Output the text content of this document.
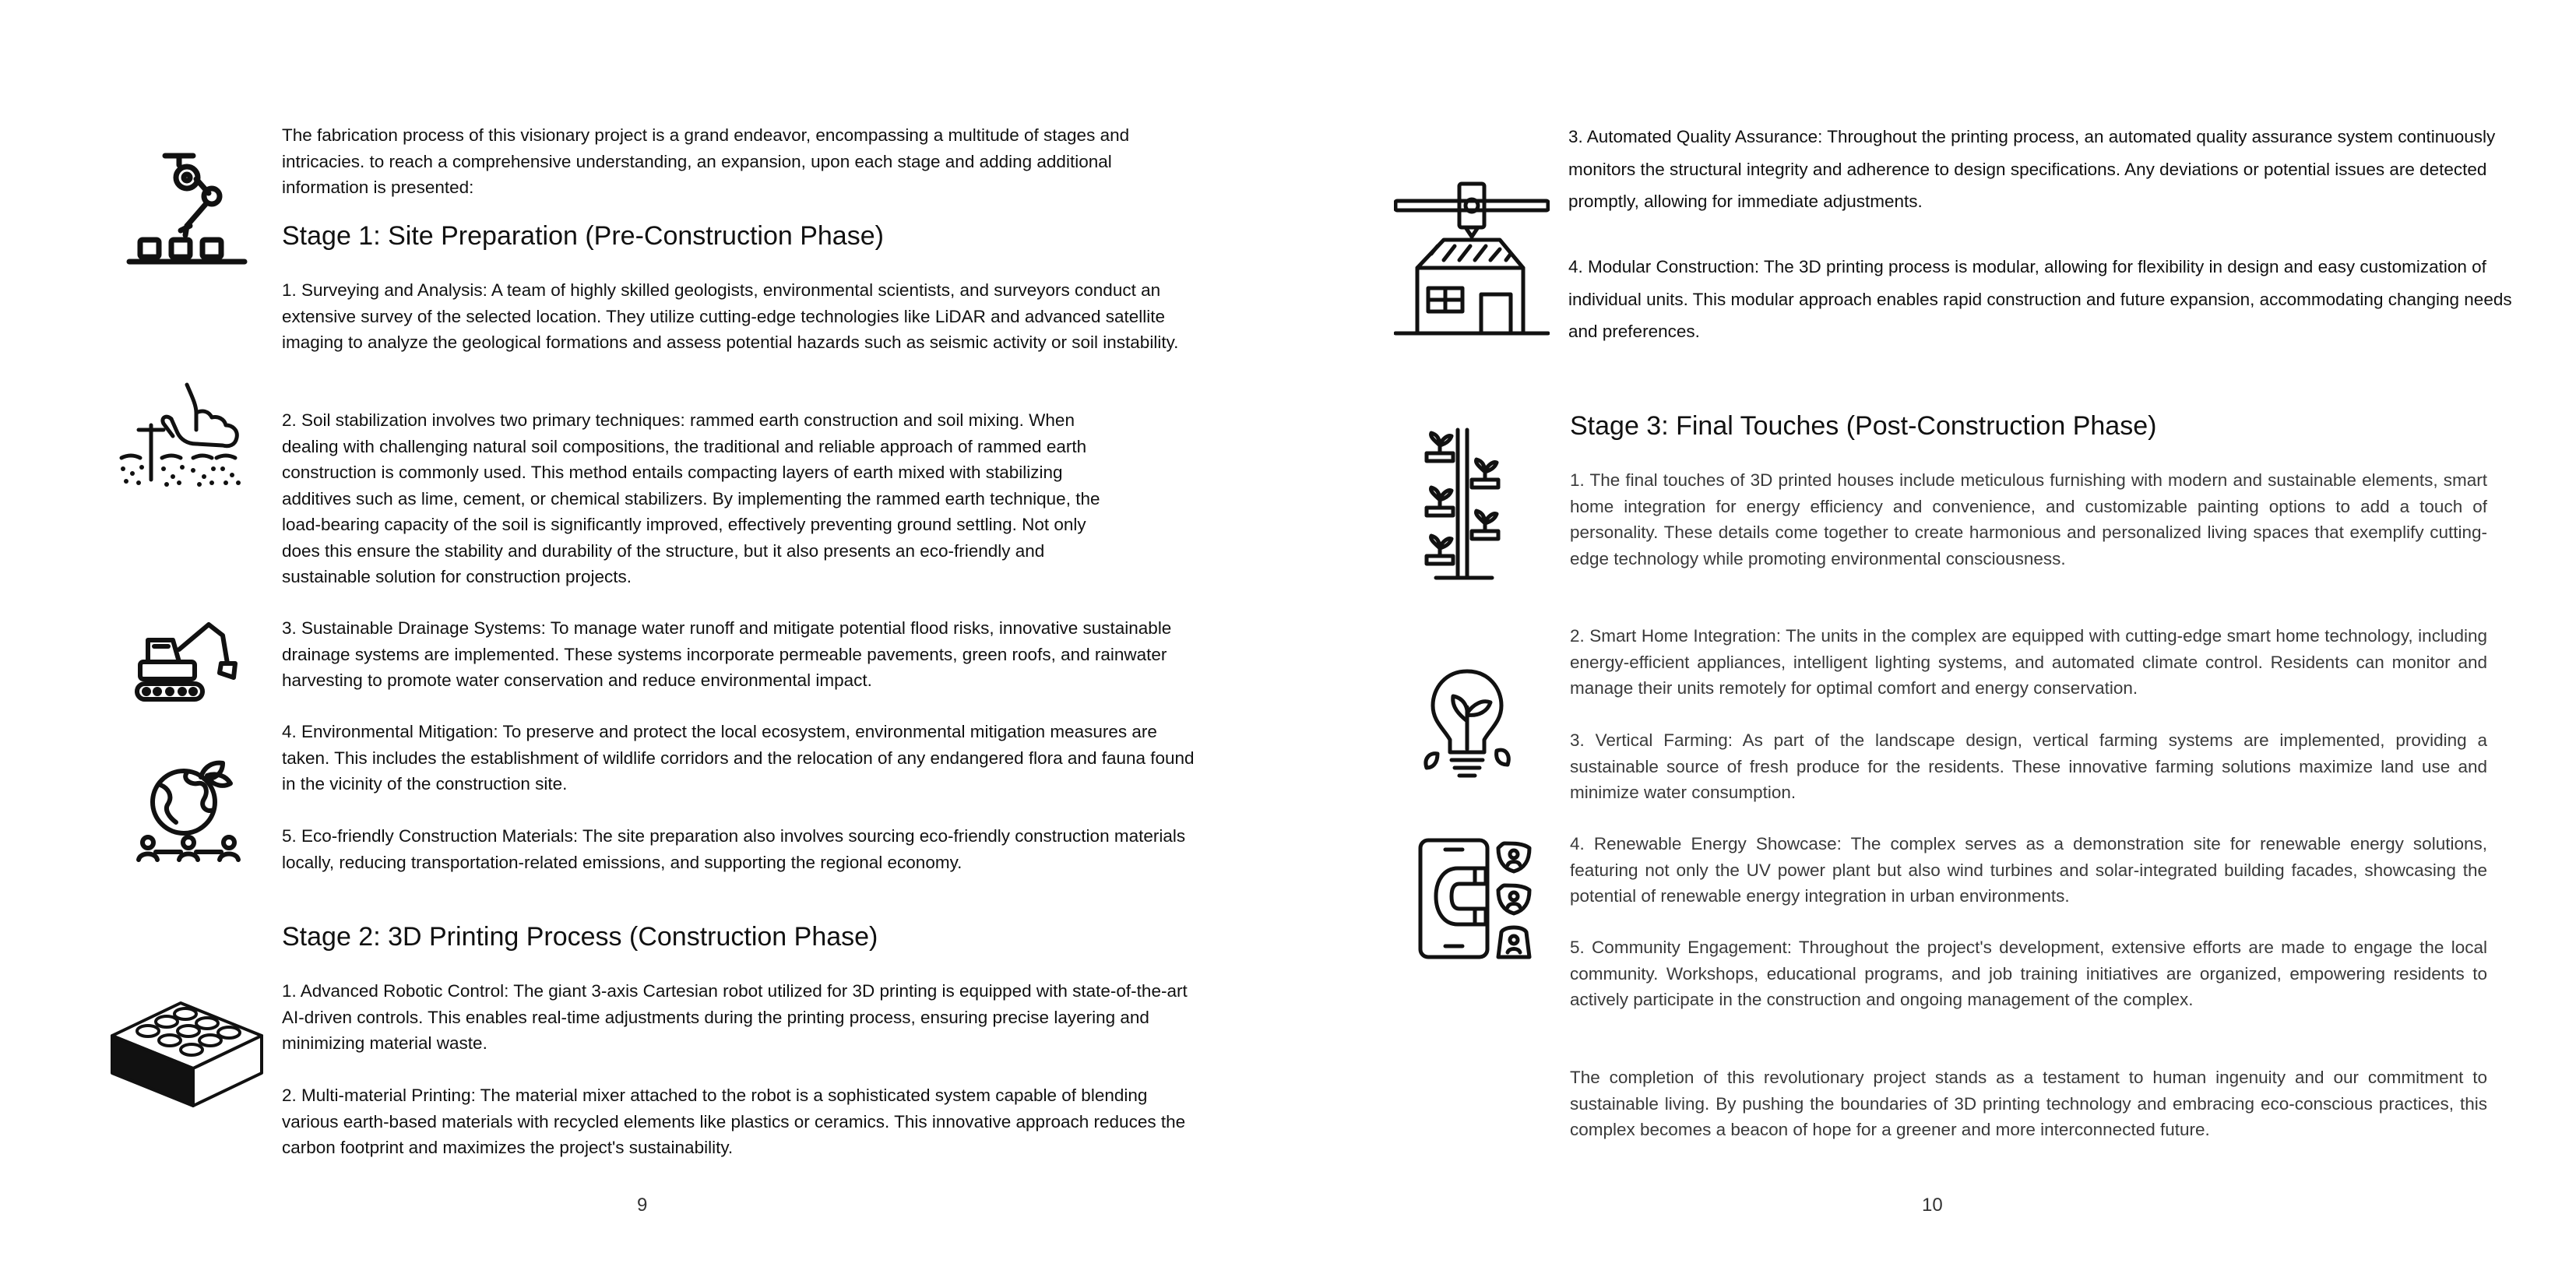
The fabrication process of this visionary project is a grand endeavor, encompassing a multitude of stages and intricacies. to reach a comprehensive understanding, an expansion, upon each stage and adding additional information is presented:

Stage 1: Site Preparation (Pre-Construction Phase)

1. Surveying and Analysis: A team of highly skilled geologists, environmental scientists, and surveyors conduct an extensive survey of the selected location. They utilize cutting-edge technologies like LiDAR and advanced satellite imaging to analyze the geological formations and assess potential hazards such as seismic activity or soil instability.

2. Soil stabilization involves two primary techniques: rammed earth construction and soil mixing. When dealing with challenging natural soil compositions, the traditional and reliable approach of rammed earth construction is commonly used. This method entails compacting layers of earth mixed with stabilizing additives such as lime, cement, or chemical stabilizers. By implementing the rammed earth technique, the load-bearing capacity of the soil is significantly improved, effectively preventing ground settling. Not only does this ensure the stability and durability of the structure, but it also presents an eco-friendly and sustainable solution for construction projects.

3. Sustainable Drainage Systems: To manage water runoff and mitigate potential flood risks, innovative sustainable drainage systems are implemented. These systems incorporate permeable pavements, green roofs, and rainwater harvesting to promote water conservation and reduce environmental impact.

4. Environmental Mitigation: To preserve and protect the local ecosystem, environmental mitigation measures are taken. This includes the establishment of wildlife corridors and the relocation of any endangered flora and fauna found in the vicinity of the construction site.

5. Eco-friendly Construction Materials: The site preparation also involves sourcing eco-friendly construction materials locally, reducing transportation-related emissions, and supporting the regional economy.

Stage 2: 3D Printing Process (Construction Phase)

1. Advanced Robotic Control: The giant 3-axis Cartesian robot utilized for 3D printing is equipped with state-of-the-art AI-driven controls. This enables real-time adjustments during the printing process, ensuring precise layering and minimizing material waste.

2. Multi-material Printing: The material mixer attached to the robot is a sophisticated system capable of blending various earth-based materials with recycled elements like plastics or ceramics. This innovative approach reduces the carbon footprint and maximizes the project's sustainability.

9

3. Automated Quality Assurance: Throughout the printing process, an automated quality assurance system continuously monitors the structural integrity and adherence to design specifications. Any deviations or potential issues are detected promptly, allowing for immediate adjustments.

4. Modular Construction: The 3D printing process is modular, allowing for flexibility in design and easy customization of individual units. This modular approach enables rapid construction and future expansion, accommodating changing needs and preferences.

Stage 3: Final Touches (Post-Construction Phase)

1. The final touches of 3D printed houses include meticulous furnishing with modern and sustainable elements, smart home integration for energy efficiency and convenience, and customizable painting options to add a touch of personality. These details come together to create harmonious and personalized living spaces that exemplify cutting-edge technology while promoting environmental consciousness.

2. Smart Home Integration: The units in the complex are equipped with cutting-edge smart home technology, including energy-efficient appliances, intelligent lighting systems, and automated climate control. Residents can monitor and manage their units remotely for optimal comfort and energy conservation.

3. Vertical Farming: As part of the landscape design, vertical farming systems are implemented, providing a sustainable source of fresh produce for the residents. These innovative farming solutions maximize land use and minimize water consumption.

4. Renewable Energy Showcase: The complex serves as a demonstration site for renewable energy solutions, featuring not only the UV power plant but also wind turbines and solar-integrated building facades, showcasing the potential of renewable energy integration in urban environments.

5. Community Engagement: Throughout the project's development, extensive efforts are made to engage the local community. Workshops, educational programs, and job training initiatives are organized, empowering residents to actively participate in the construction and ongoing management of the complex.

The completion of this revolutionary project stands as a testament to human ingenuity and our commitment to sustainable living. By pushing the boundaries of 3D printing technology and embracing eco-conscious practices, this complex becomes a beacon of hope for a greener and more interconnected future.

10
